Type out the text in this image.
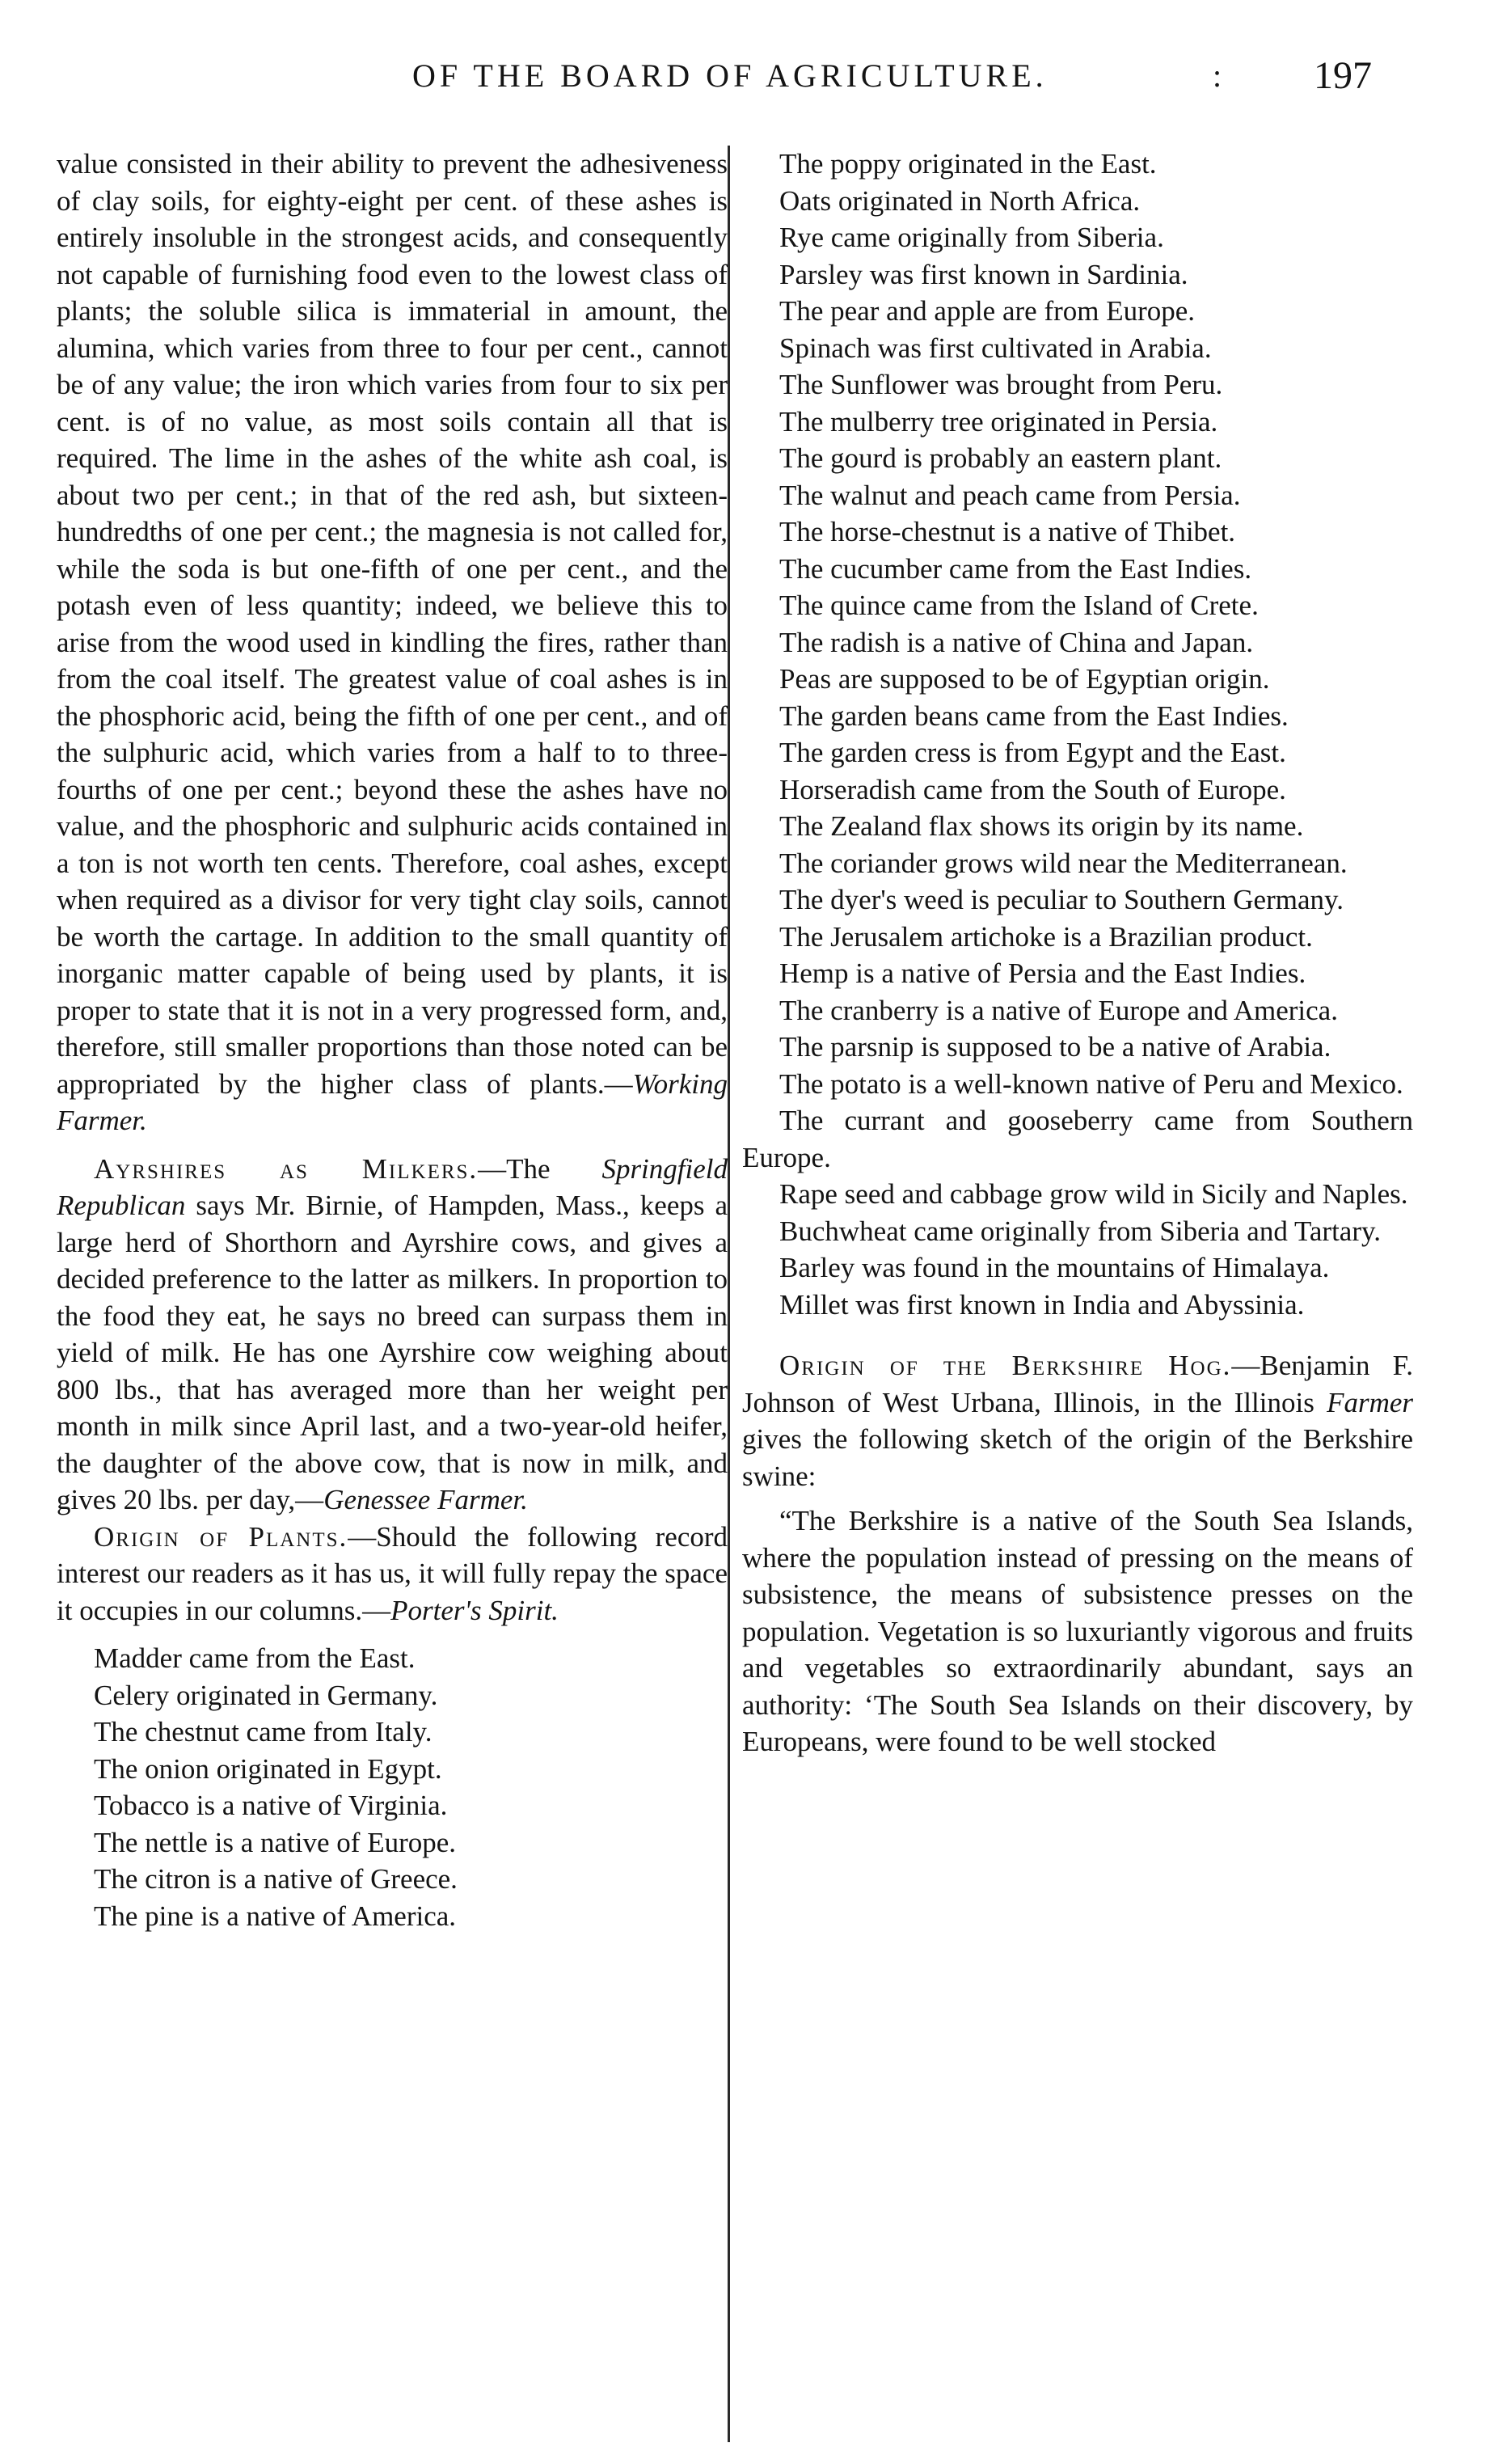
OF THE BOARD OF AGRICULTURE.	: 197

value consisted in their ability to prevent the adhesiveness of clay soils, for eighty-eight per cent. of these ashes is entirely insoluble in the strongest acids, and consequently not capable of furnishing food even to the lowest class of plants; the soluble silica is immaterial in amount, the alumina, which varies from three to four per cent., cannot be of any value; the iron which varies from four to six per cent. is of no value, as most soils contain all that is required. The lime in the ashes of the white ash coal, is about two per cent.; in that of the red ash, but sixteen-hundredths of one per cent.; the magnesia is not called for, while the soda is but one-fifth of one per cent., and the potash even of less quantity; indeed, we believe this to arise from the wood used in kindling the fires, rather than from the coal itself. The greatest value of coal ashes is in the phosphoric acid, being the fifth of one per cent., and of the sulphuric acid, which varies from a half to to three-fourths of one per cent.; beyond these the ashes have no value, and the phosphoric and sulphuric acids contained in a ton is not worth ten cents. Therefore, coal ashes, except when required as a divisor for very tight clay soils, cannot be worth the cartage. In addition to the small quantity of inorganic matter capable of being used by plants, it is proper to state that it is not in a very progressed form, and, therefore, still smaller proportions than those noted can be appropriated by the higher class of plants.—Working Farmer.

Ayrshires as Milkers.—The Springfield Republican says Mr. Birnie, of Hampden, Mass., keeps a large herd of Shorthorn and Ayrshire cows, and gives a decided preference to the latter as milkers. In proportion to the food they eat, he says no breed can surpass them in yield of milk. He has one Ayrshire cow weighing about 800 lbs., that has averaged more than her weight per month in milk since April last, and a two-year-old heifer, the daughter of the above cow, that is now in milk, and gives 20 lbs. per day,—Genessee Farmer.

Origin of Plants.—Should the following record interest our readers as it has us, it will fully repay the space it occupies in our columns.—Porter's Spirit.

Madder came from the East.

Celery originated in Germany.

The chestnut came from Italy.

The onion originated in Egypt.

Tobacco is a native of Virginia.

The nettle is a native of Europe.

The citron is a native of Greece.

The pine is a native of America.

The poppy originated in the East.

Oats originated in North Africa.

Rye came originally from Siberia.

Parsley was first known in Sardinia.

The pear and apple are from Europe.

Spinach was first cultivated in Arabia.

The Sunflower was brought from Peru.

The mulberry tree originated in Persia.

The gourd is probably an eastern plant.

The walnut and peach came from Persia.

The horse-chestnut is a native of Thibet.

The cucumber came from the East Indies.

The quince came from the Island of Crete.

The radish is a native of China and Japan.

Peas are supposed to be of Egyptian origin.

The garden beans came from the East Indies.

The garden cress is from Egypt and the East.

Horseradish came from the South of Europe.

The Zealand flax shows its origin by its name.

The coriander grows wild near the Mediterranean.

The dyer's weed is peculiar to Southern Germany.

The Jerusalem artichoke is a Brazilian product.

Hemp is a native of Persia and the East Indies.

The cranberry is a native of Europe and America.

The parsnip is supposed to be a native of Arabia.

The potato is a well-known native of Peru and Mexico.

The currant and gooseberry came from Southern Europe.

Rape seed and cabbage grow wild in Sicily and Naples.

Buchwheat came originally from Siberia and Tartary.

Barley was found in the mountains of Himalaya.

Millet was first known in India and Abyssinia.

Origin of the Berkshire Hog.—Benjamin F. Johnson of West Urbana, Illinois, in the Illinois Farmer gives the following sketch of the origin of the Berkshire swine:

“The Berkshire is a native of the South Sea Islands, where the population instead of pressing on the means of subsistence, the means of subsistence presses on the population. Vegetation is so luxuriantly vigorous and fruits and vegetables so extraordinarily abundant, says an authority: ‘The South Sea Islands on their discovery, by Europeans, were found to be well stocked
